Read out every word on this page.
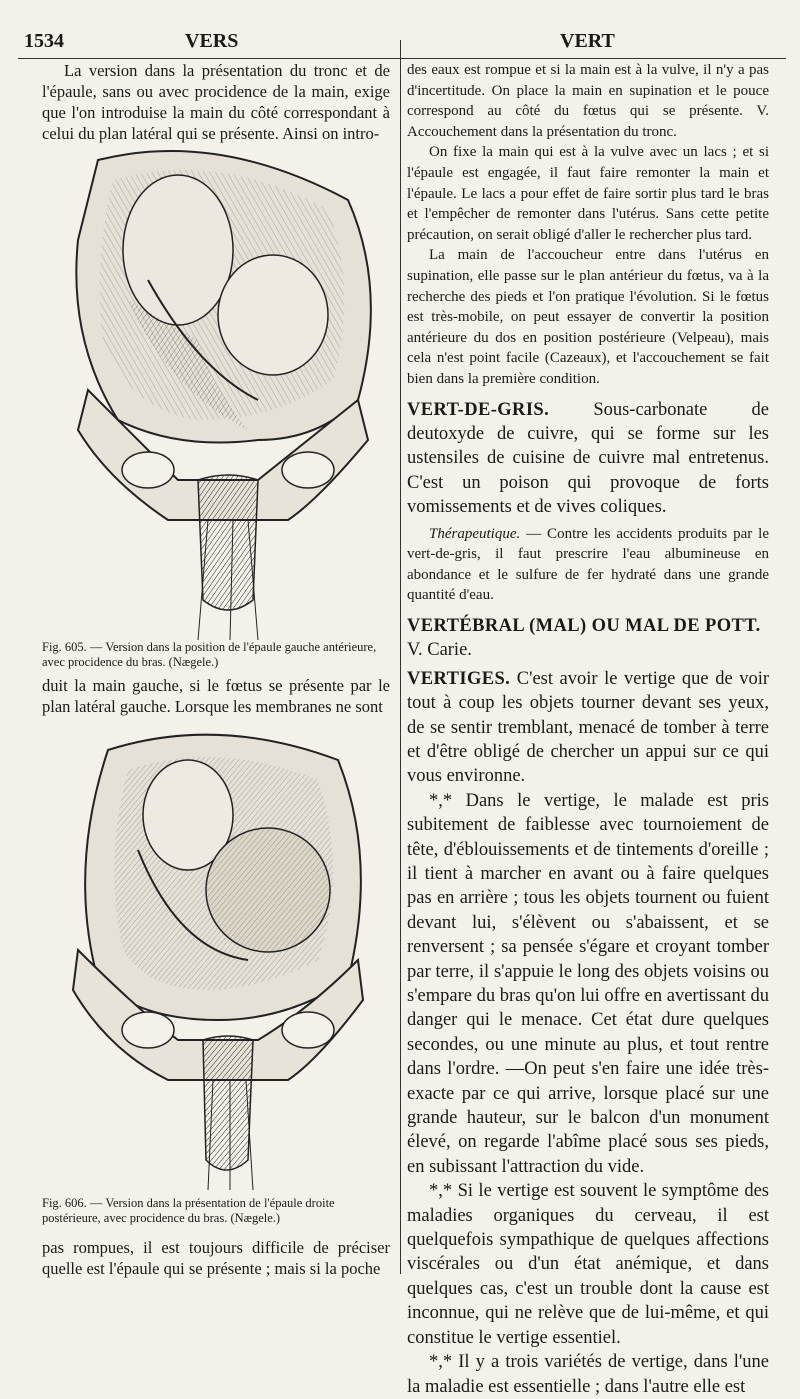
1534	VERS	VERT

La version dans la présentation du tronc et de l'épaule, sans ou avec procidence de la main, exige que l'on introduise la main du côté correspondant à celui du plan latéral qui se présente. Ainsi on intro-

Fig. 605. — Version dans la position de l'épaule gauche antérieure, avec procidence du bras. (Nægele.)
duit la main gauche, si le fœtus se présente par le plan latéral gauche. Lorsque les membranes ne sont
Fig. 606. — Version dans la présentation de l'épaule droite postérieure, avec procidence du bras. (Nægele.)
pas rompues, il est toujours difficile de préciser quelle est l'épaule qui se présente ; mais si la poche

des eaux est rompue et si la main est à la vulve, il n'y a pas d'incertitude. On place la main en supination et le pouce correspond au côté du fœtus qui se présente. V. Accouchement dans la présentation du tronc.

On fixe la main qui est à la vulve avec un lacs ; et si l'épaule est engagée, il faut faire remonter la main et l'épaule. Le lacs a pour effet de faire sortir plus tard le bras et l'empêcher de remonter dans l'utérus. Sans cette petite précaution, on serait obligé d'aller le rechercher plus tard.

La main de l'accoucheur entre dans l'utérus en supination, elle passe sur le plan antérieur du fœtus, va à la recherche des pieds et l'on pratique l'évolution. Si le fœtus est très-mobile, on peut essayer de convertir la position antérieure du dos en position postérieure (Velpeau), mais cela n'est point facile (Cazeaux), et l'accouchement se fait bien dans la première condition.

VERT-DE-GRIS. Sous-carbonate de deutoxyde de cuivre, qui se forme sur les ustensiles de cuisine de cuivre mal entretenus. C'est un poison qui provoque de forts vomissements et de vives coliques.

Thérapeutique. — Contre les accidents produits par le vert-de-gris, il faut prescrire l'eau albumineuse en abondance et le sulfure de fer hydraté dans une grande quantité d'eau.

VERTÉBRAL (MAL) OU MAL DE POTT.
V. Carie.

VERTIGES. C'est avoir le vertige que de voir tout à coup les objets tourner devant ses yeux, de se sentir tremblant, menacé de tomber à terre et d'être obligé de chercher un appui sur ce qui vous environne.

*,* Dans le vertige, le malade est pris subitement de faiblesse avec tournoiement de tête, d'éblouissements et de tintements d'oreille ; il tient à marcher en avant ou à faire quelques pas en arrière ; tous les objets tournent ou fuient devant lui, s'élèvent ou s'abaissent, et se renversent ; sa pensée s'égare et croyant tomber par terre, il s'appuie le long des objets voisins ou s'empare du bras qu'on lui offre en avertissant du danger qui le menace. Cet état dure quelques secondes, ou une minute au plus, et tout rentre dans l'ordre. —On peut s'en faire une idée très-exacte par ce qui arrive, lorsque placé sur une grande hauteur, sur le balcon d'un monument élevé, on regarde l'abîme placé sous ses pieds, en subissant l'attraction du vide.

*,* Si le vertige est souvent le symptôme des maladies organiques du cerveau, il est quelquefois sympathique de quelques affections viscérales ou d'un état anémique, et dans quelques cas, c'est un trouble dont la cause est inconnue, qui ne relève que de lui-même, et qui constitue le vertige essentiel.

*,* Il y a trois variétés de vertige, dans l'une la maladie est essentielle ; dans l'autre elle est
